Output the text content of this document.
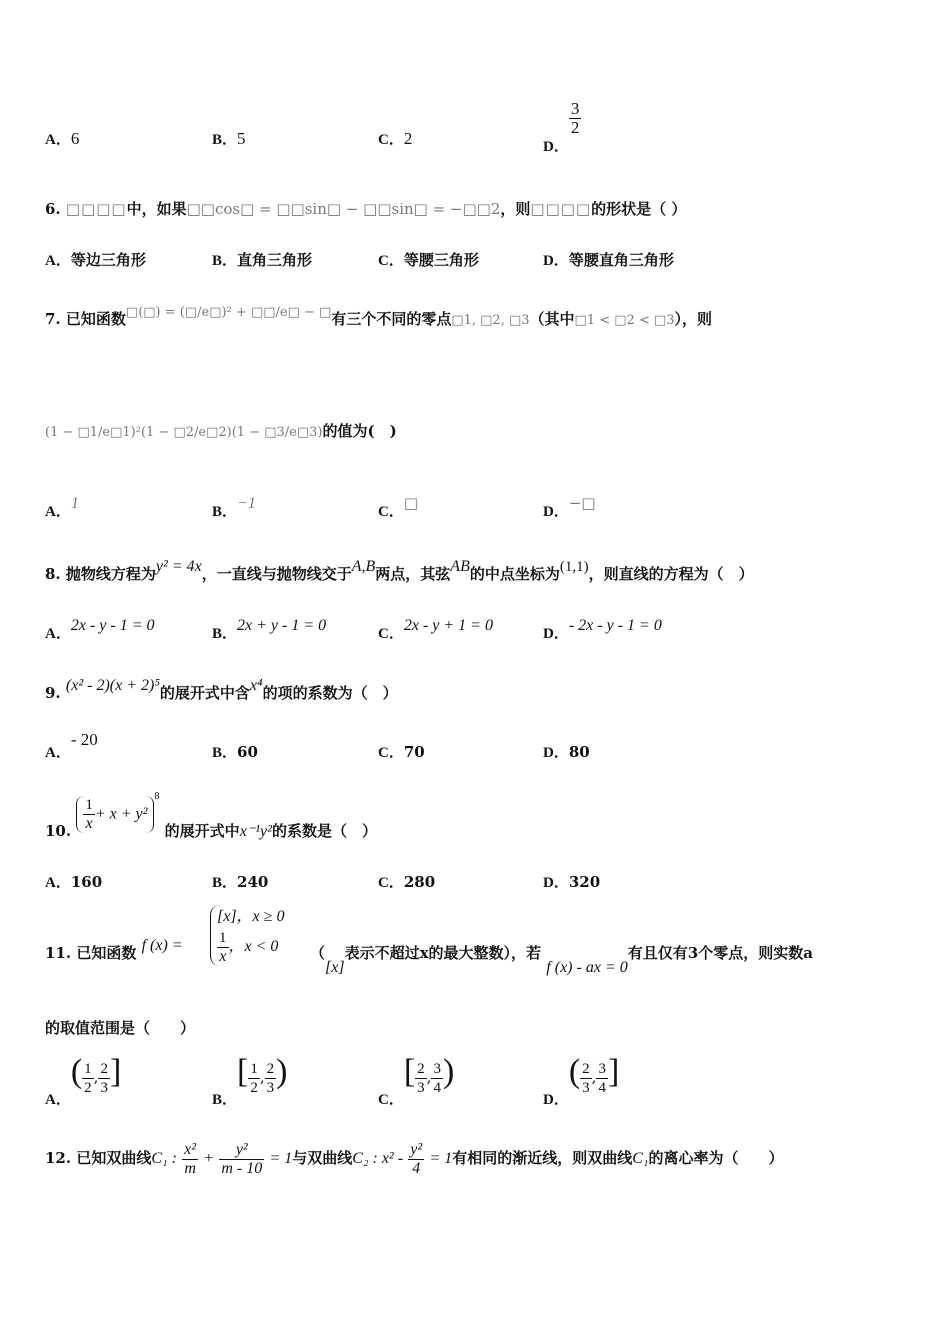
A．6	B．5	C．2	D．
$\frac{3}{2}$
6. □□□□中，如果□□cos□ = □□sin□ − □□sin□ = −□□2，则□□□□的形状是（ ）
A．等边三角形	B．直角三角形	C．等腰三角形	D．等腰直角三角形
7. 已知函数□(□) = (□/e□)² + □□/e□ − □有三个不同的零点□1, □2, □3（其中□1 < □2 < □3），则
(1 − □1/e□1)²(1 − □2/e□2)(1 − □3/e□3)的值为(　)
A．1	B．−1	C．□	D．−□
8. 抛物线方程为y² = 4x，一直线与抛物线交于A,B两点，其弦AB的中点坐标为(1,1)，则直线的方程为（　）
A．2x - y - 1 = 0	B．2x + y - 1 = 0	C．2x - y + 1 = 0	D．- 2x - y - 1 = 0
9. (x² - 2)(x + 2)⁵的展开式中含x⁴的项的系数为（　）
A．- 20
B．60	C．70	D．80
10. $\frac{1}{x} + x + y^2^8$ 的展开式中x⁻¹y²的系数是（　）
A．160	B．240	C．280	D．320
11. 已知函数 f (x) =
[x]，x ≥ 0
$\frac{1}{x}$ ，x < 0	（[x]表示不超过x的最大整数），若 f (x) - ax = 0有且仅有3个零点，则实数a
的取值范围是（　　）
A．( $\frac{1}{2}$ , $\frac{2}{3}$ ]
B．[ $\frac{1}{2}$ , $\frac{2}{3}$ )
C．[ $\frac{2}{3}$ , $\frac{3}{4}$ )
D．( $\frac{2}{3}$ , $\frac{3}{4}$ ]
12. 已知双曲线C₁ : $\frac{\text{x²}}{m} + \frac{\text{y²}}{m - 10} = 1$与双曲线C₂ : $x^2 - \frac{\text{y²}}{4} = 1$有相同的渐近线，则双曲线C₁的离心率为（　　）
